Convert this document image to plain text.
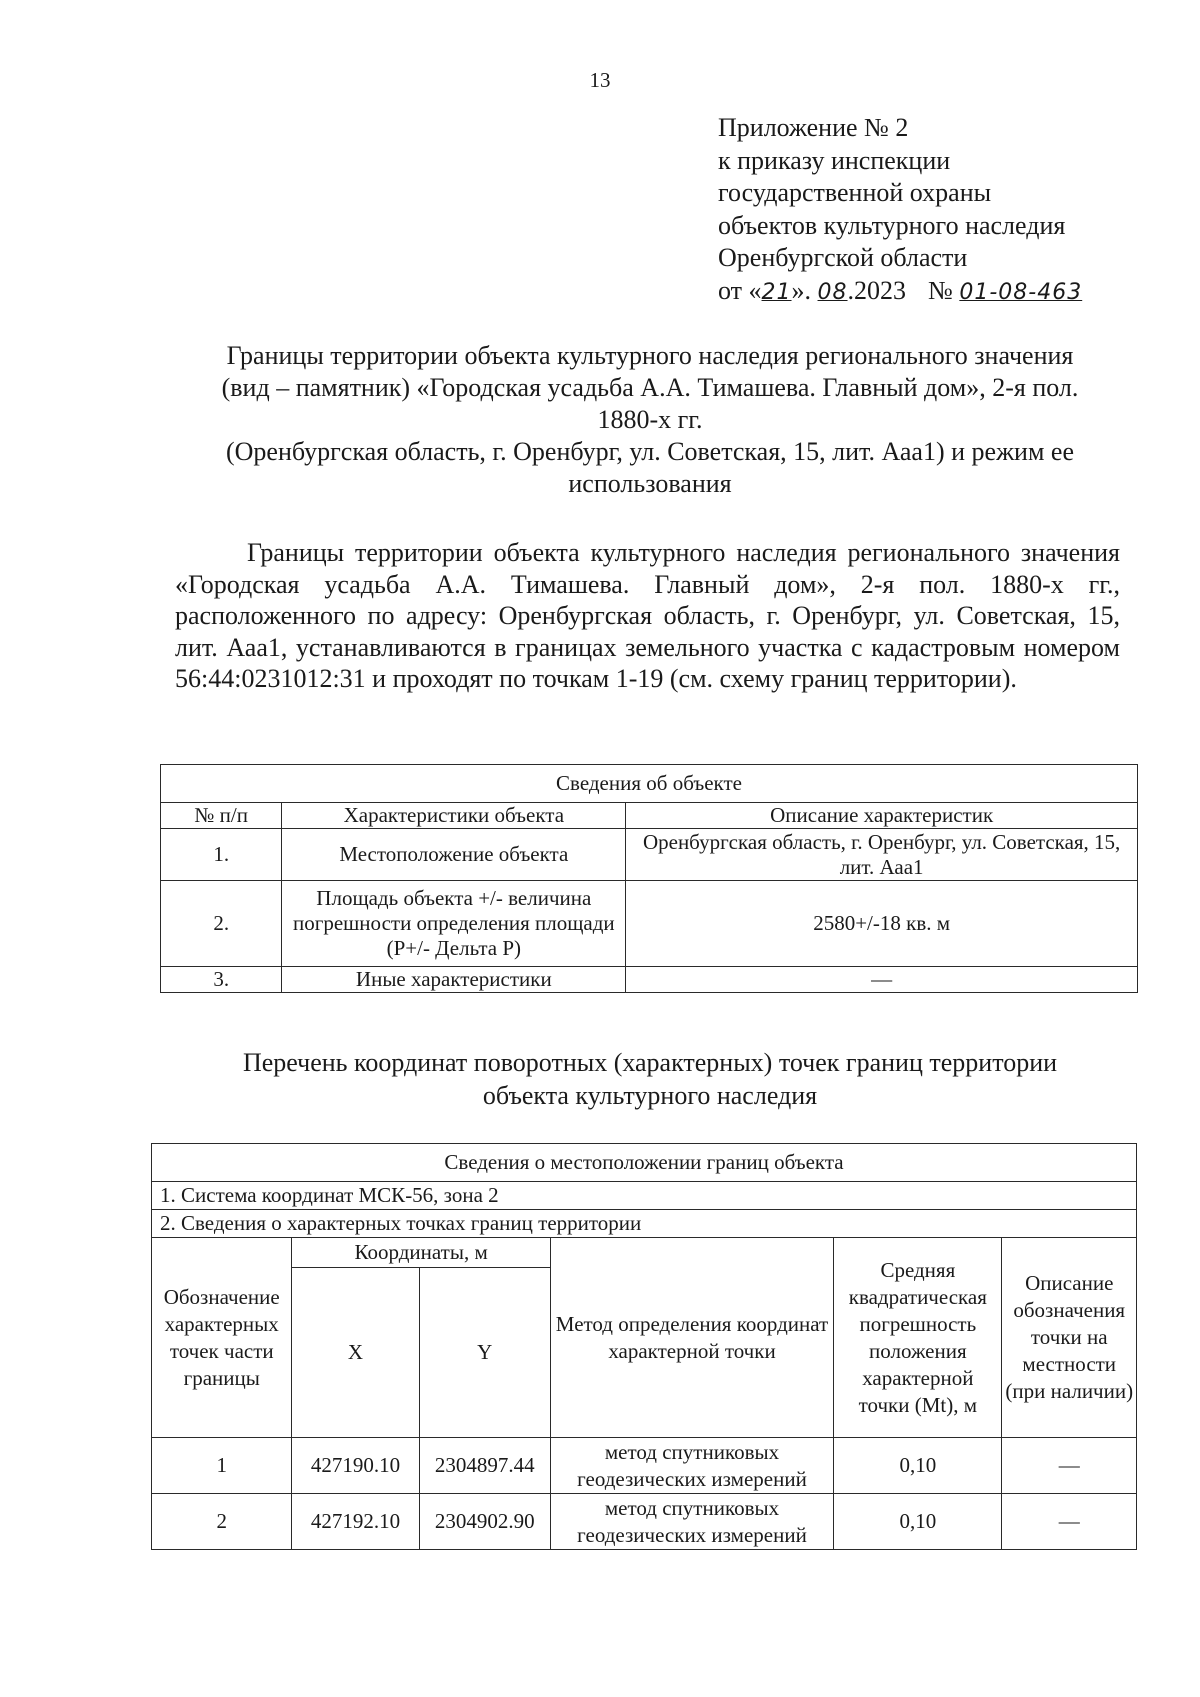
13
Приложение № 2
к приказу инспекции
государственной охраны
объектов культурного наследия
Оренбургской области
от «21». 08.2023 № 01-08-463
Границы территории объекта культурного наследия регионального значения
(вид – памятник) «Городская усадьба А.А. Тимашева. Главный дом», 2-я пол.
1880-х гг.
(Оренбургская область, г. Оренбург, ул. Советская, 15, лит. Ааа1) и режим ее
использования
Границы территории объекта культурного наследия регионального значения «Городская усадьба А.А. Тимашева. Главный дом», 2-я пол. 1880-х гг., расположенного по адресу: Оренбургская область, г. Оренбург, ул. Советская, 15, лит. Ааа1, устанавливаются в границах земельного участка с кадастровым номером 56:44:0231012:31 и проходят по точкам 1-19 (см. схему границ территории).
Сведения об объекте		
№ п/п	Характеристики объекта	Описание характеристик
1.	Местоположение объекта	Оренбургская область, г. Оренбург, ул. Советская, 15, лит. Ааа1
2.	Площадь объекта +/- величина погрешности определения площади (Р+/- Дельта Р)	2580+/-18 кв. м
3.	Иные характеристики	—
Перечень координат поворотных (характерных) точек границ территории
объекта культурного наследия
Сведения о местоположении границ объекта					
1. Система координат МСК-56, зона 2					
2. Сведения о характерных точках границ территории					
Обозначение характерных точек части границы	Координаты, м		Метод определения координат характерной точки	Средняя квадратическая погрешность положения характерной точки (Mt), м	Описание обозначения точки на местности (при наличии)
	X	Y			
1	427190.10	2304897.44	метод спутниковых геодезических измерений	0,10	—
2	427192.10	2304902.90	метод спутниковых геодезических измерений	0,10	—
